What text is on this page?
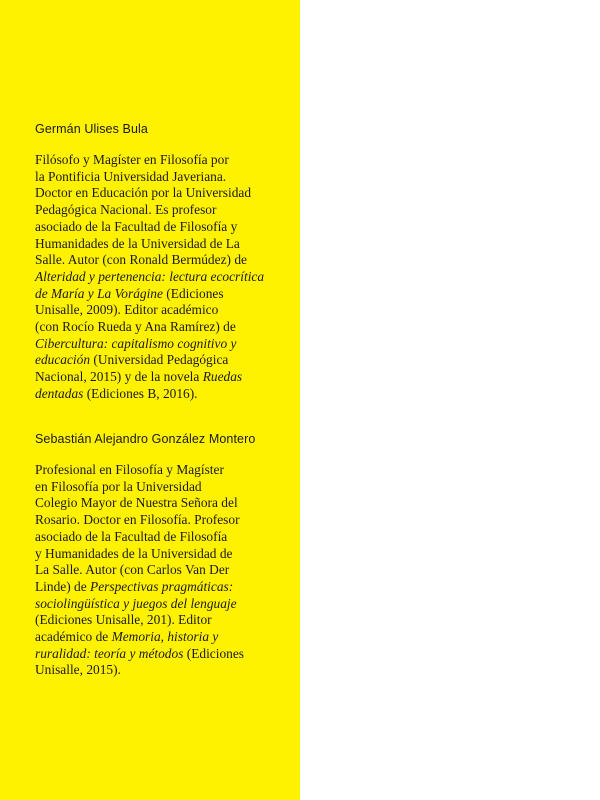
Germán Ulises Bula

Filósofo y Magíster en Filosofía por
la Pontificia Universidad Javeriana.
Doctor en Educación por la Universidad
Pedagógica Nacional. Es profesor
asociado de la Facultad de Filosofía y
Humanidades de la Universidad de La
Salle. Autor (con Ronald Bermúdez) de
Alteridad y pertenencia: lectura ecocrítica
de María y La Vorágine (Ediciones
Unisalle, 2009). Editor académico
(con Rocío Rueda y Ana Ramírez) de
Cibercultura: capitalismo cognitivo y
educación (Universidad Pedagógica
Nacional, 2015) y de la novela Ruedas
dentadas (Ediciones B, 2016).

Sebastián Alejandro González Montero

Profesional en Filosofía y Magíster
en Filosofía por la Universidad
Colegio Mayor de Nuestra Señora del
Rosario. Doctor en Filosofía. Profesor
asociado de la Facultad de Filosofía
y Humanidades de la Universidad de
La Salle. Autor (con Carlos Van Der
Linde) de Perspectivas pragmáticas:
sociolingüística y juegos del lenguaje
(Ediciones Unisalle, 201). Editor
académico de Memoria, historia y
ruralidad: teoría y métodos (Ediciones
Unisalle, 2015).
